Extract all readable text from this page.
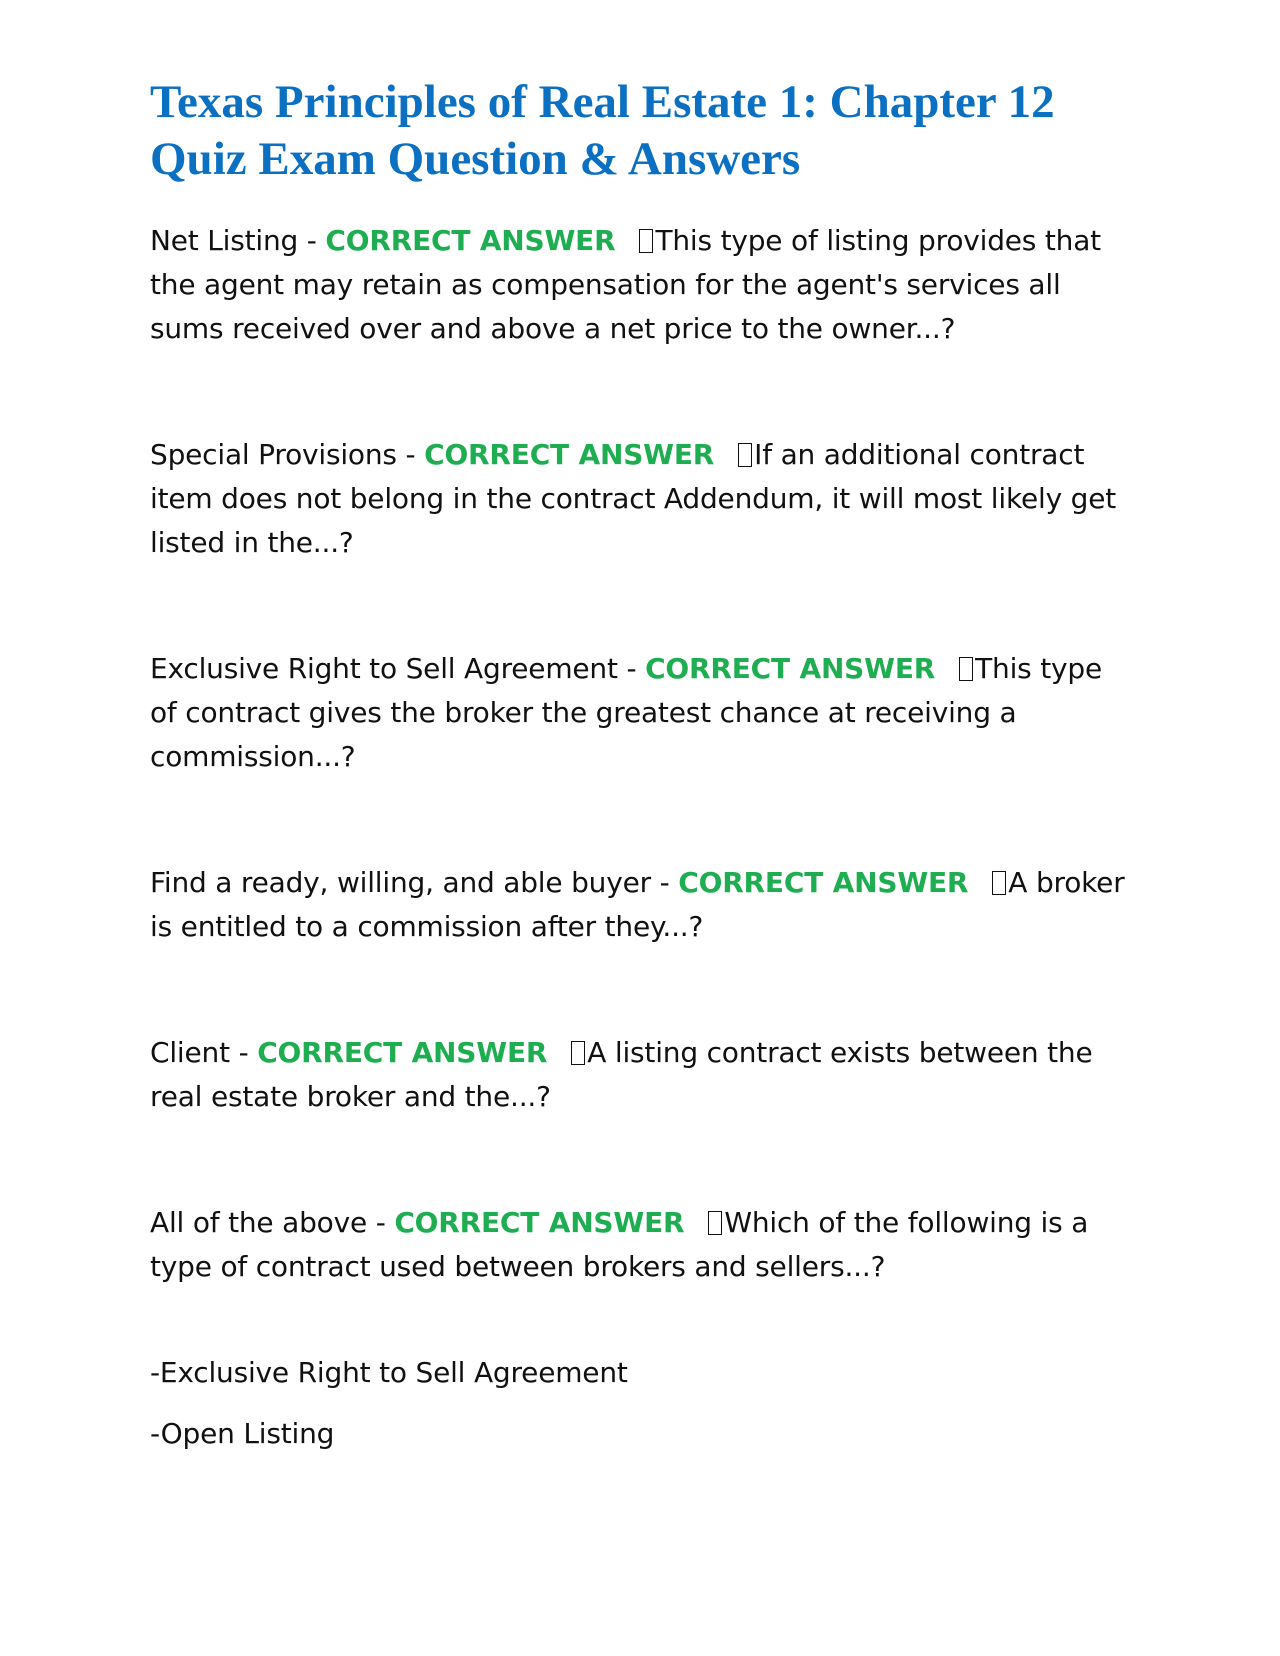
Texas Principles of Real Estate 1: Chapter 12 Quiz Exam Question & Answers

Net Listing - CORRECT ANSWER This type of listing provides that the agent may retain as compensation for the agent's services all sums received over and above a net price to the owner...?

Special Provisions - CORRECT ANSWER If an additional contract item does not belong in the contract Addendum, it will most likely get listed in the...?

Exclusive Right to Sell Agreement - CORRECT ANSWER This type of contract gives the broker the greatest chance at receiving a commission...?

Find a ready, willing, and able buyer - CORRECT ANSWER A broker is entitled to a commission after they...?

Client - CORRECT ANSWER A listing contract exists between the real estate broker and the...?

All of the above - CORRECT ANSWER Which of the following is a type of contract used between brokers and sellers...?

-Exclusive Right to Sell Agreement

-Open Listing
